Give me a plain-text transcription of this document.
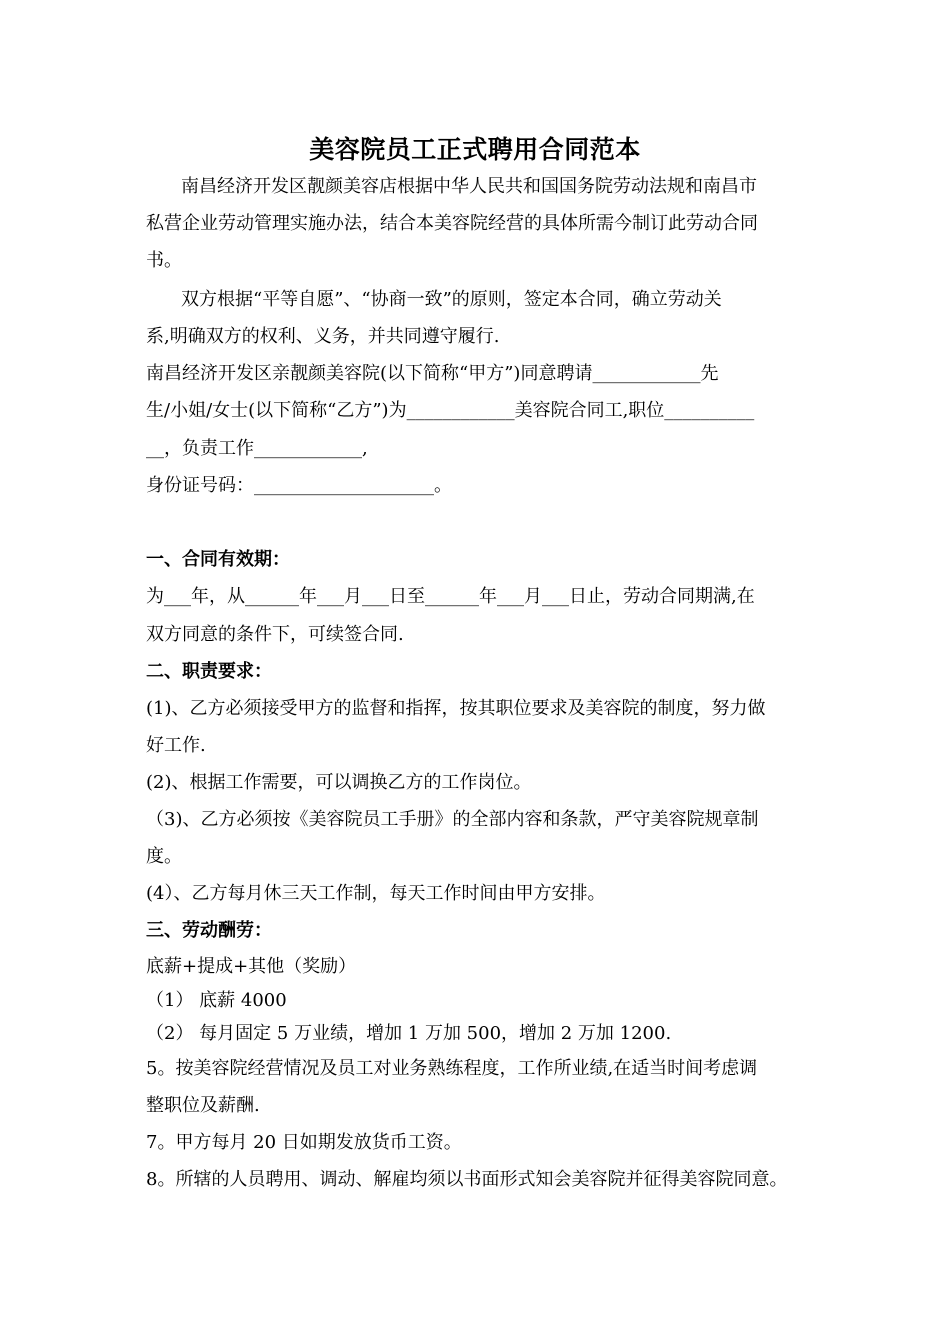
美容院员工正式聘用合同范本
南昌经济开发区靓颜美容店根据中华人民共和国国务院劳动法规和南昌市
私营企业劳动管理实施办法，结合本美容院经营的具体所需今制订此劳动合同
书。
双方根据“平等自愿”、“协商一致”的原则，签定本合同，确立劳动关
系,明确双方的权利、义务，并共同遵守履行.
南昌经济开发区亲靓颜美容院(以下简称“甲方”)同意聘请____________先
生/小姐/女士(以下简称“乙方”)为____________美容院合同工,职位__________
__，负责工作____________,
身份证号码：____________________。
一、合同有效期：
为___年，从______年___月___日至______年___月___日止，劳动合同期满,在
双方同意的条件下，可续签合同.
二、职责要求：
(1)、乙方必须接受甲方的监督和指挥，按其职位要求及美容院的制度，努力做
好工作.
(2)、根据工作需要，可以调换乙方的工作岗位。
（3)、乙方必须按《美容院员工手册》的全部内容和条款，严守美容院规章制
度。
(4）、乙方每月休三天工作制，每天工作时间由甲方安排。
三、劳动酬劳：
底薪+提成+其他（奖励）
（1） 底薪 4000
（2） 每月固定 5 万业绩，增加 1 万加 500，增加 2 万加 1200.
5。按美容院经营情况及员工对业务熟练程度，工作所业绩,在适当时间考虑调
整职位及薪酬.
7。甲方每月 20 日如期发放货币工资。
8。所辖的人员聘用、调动、解雇均须以书面形式知会美容院并征得美容院同意。
